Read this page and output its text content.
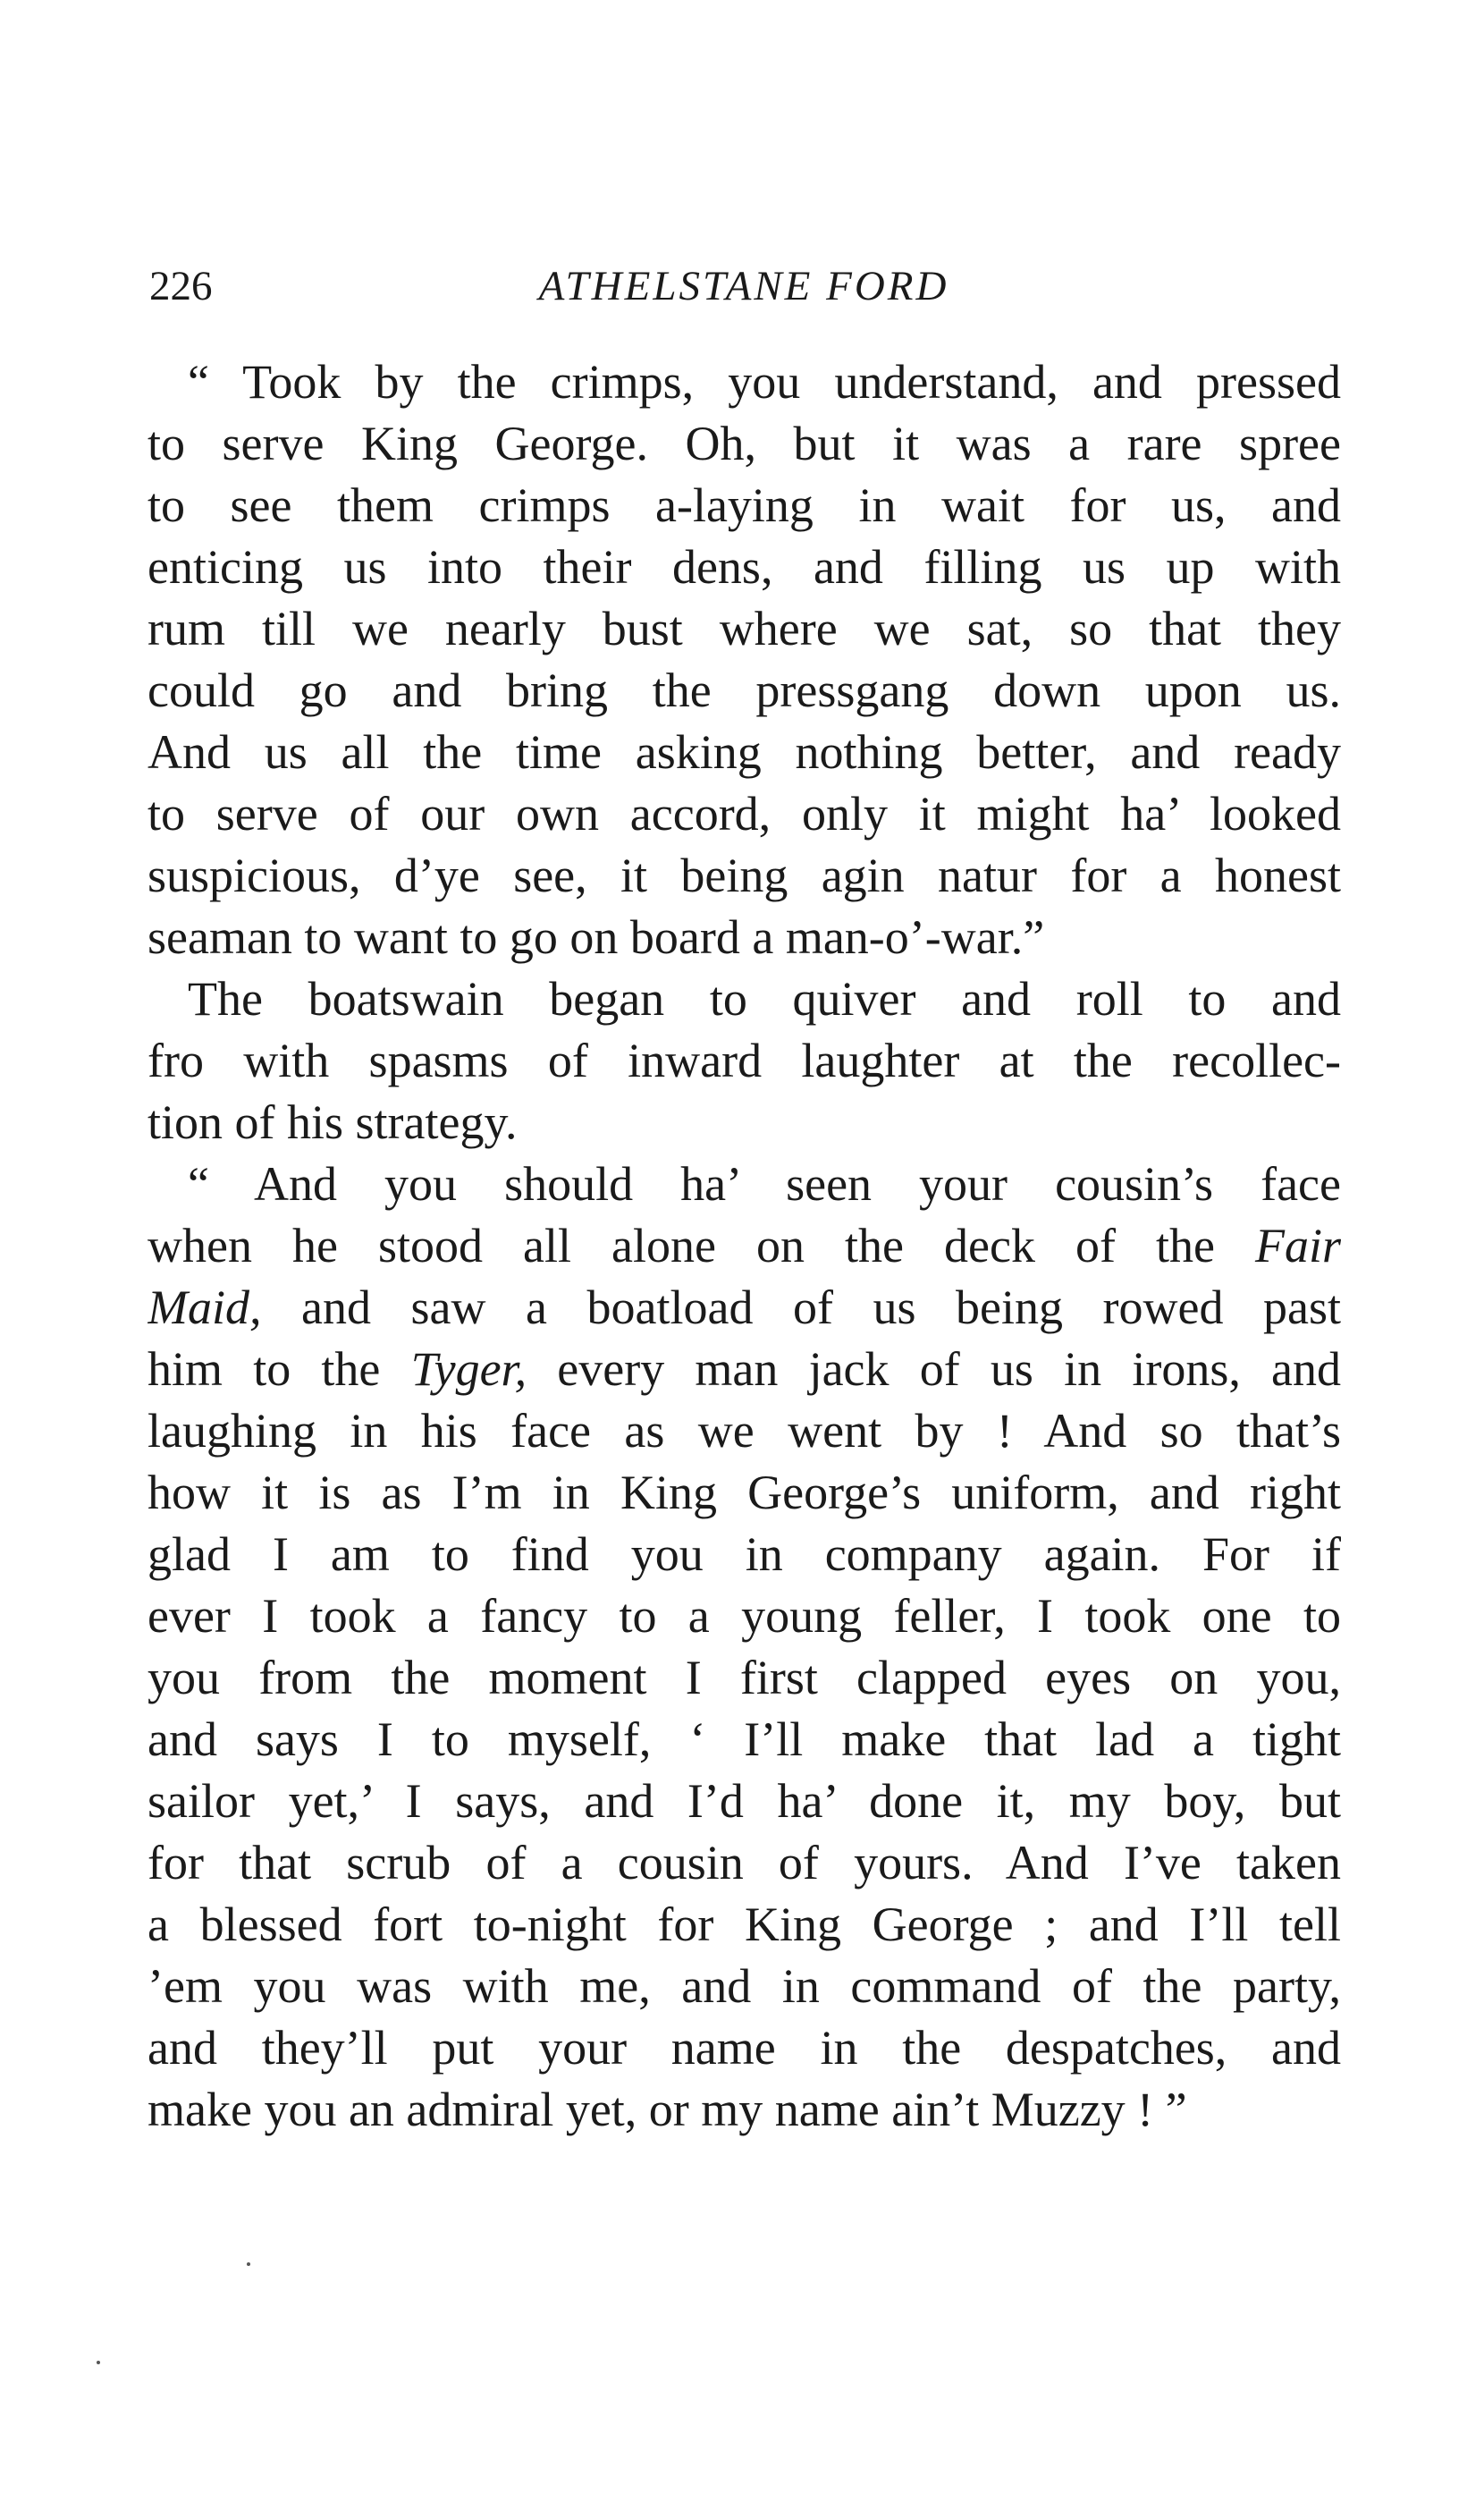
226	ATHELSTANE FORD
“ Took by the crimps, you understand, and pressed
to serve King George. Oh, but it was a rare spree
to see them crimps a-laying in wait for us, and
enticing us into their dens, and filling us up with
rum till we nearly bust where we sat, so that they
could go and bring the pressgang down upon us.
And us all the time asking nothing better, and ready
to serve of our own accord, only it might ha’ looked
suspicious, d’ye see, it being agin natur for a honest
seaman to want to go on board a man-o’-war.”
The boatswain began to quiver and roll to and
fro with spasms of inward laughter at the recollec-
tion of his strategy.
“ And you should ha’ seen your cousin’s face
when he stood all alone on the deck of the Fair
Maid, and saw a boatload of us being rowed past
him to the Tyger, every man jack of us in irons, and
laughing in his face as we went by ! And so that’s
how it is as I’m in King George’s uniform, and right
glad I am to find you in company again. For if
ever I took a fancy to a young feller, I took one to
you from the moment I first clapped eyes on you,
and says I to myself, ‘ I’ll make that lad a tight
sailor yet,’ I says, and I’d ha’ done it, my boy, but
for that scrub of a cousin of yours. And I’ve taken
a blessed fort to-night for King George ; and I’ll tell
’em you was with me, and in command of the party,
and they’ll put your name in the despatches, and
make you an admiral yet, or my name ain’t Muzzy ! ”
